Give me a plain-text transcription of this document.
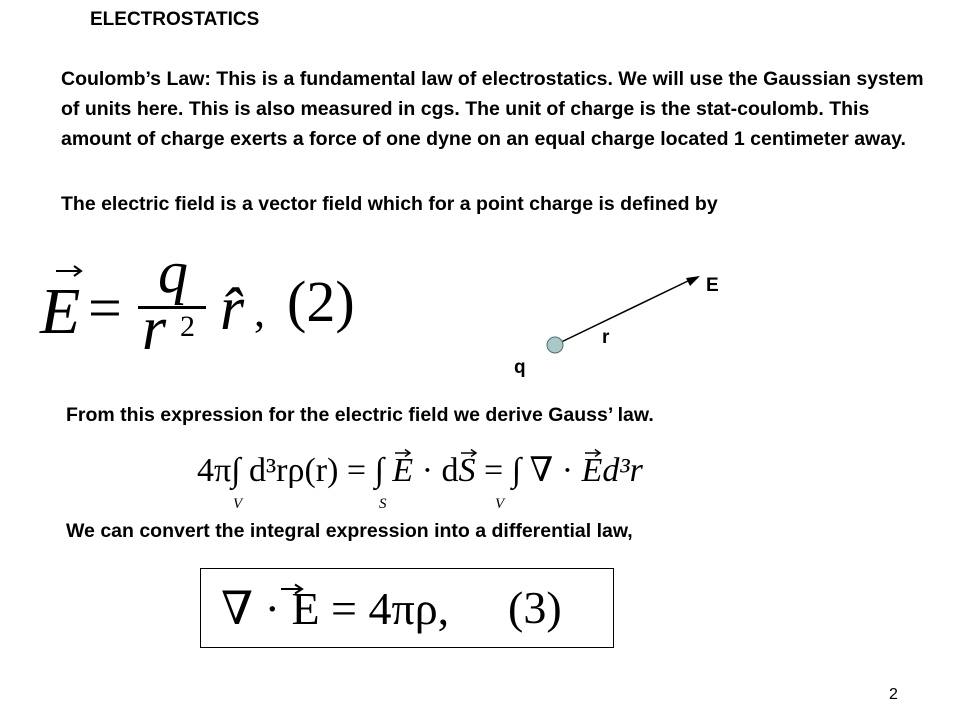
ELECTROSTATICS
Coulomb’s Law: This is a fundamental law of electrostatics. We will use the Gaussian system of units here. This is also measured in cgs. The unit of charge is the stat-coulomb. This amount of charge exerts a force of one dyne on an equal charge located 1 centimeter away.
The electric field is a vector field which for a point charge is defined by
E =
q
r 2 r̂ , (2)	E
r
q
From this expression for the electric field we derive Gauss’ law.
4π∫ d³rρ(r) = ∫ E
· dS
= ∫ ∇ · E
d³r
V	S	V
We can convert the integral expression into a differential law,
∇ · E = 4πρ, (3)
2
